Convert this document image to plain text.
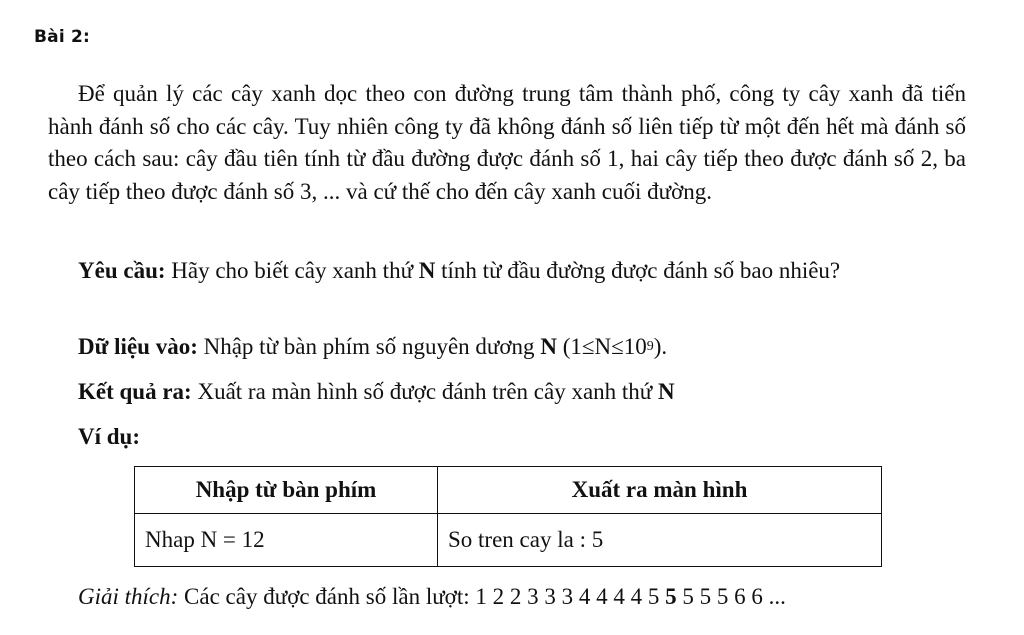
Bài 2:

Để quản lý các cây xanh dọc theo con đường trung tâm thành phố, công ty cây xanh đã tiến hành đánh số cho các cây. Tuy nhiên công ty đã không đánh số liên tiếp từ một đến hết mà đánh số theo cách sau: cây đầu tiên tính từ đầu đường được đánh số 1, hai cây tiếp theo được đánh số 2, ba cây tiếp theo được đánh số 3, ... và cứ thế cho đến cây xanh cuối đường.

Yêu cầu: Hãy cho biết cây xanh thứ N tính từ đầu đường được đánh số bao nhiêu?

Dữ liệu vào: Nhập từ bàn phím số nguyên dương N $(1\le N\le 10^9)$.
Kết quả ra: Xuất ra màn hình số được đánh trên cây xanh thứ N
Ví dụ:
Nhập từ bàn phím	Xuất ra màn hình
Nhap N = 12	So tren cay la : 5
Giải thích: Các cây được đánh số lần lượt: 1 2 2 3 3 3 4 4 4 4 5 5 5 5 5 6 6 ...
